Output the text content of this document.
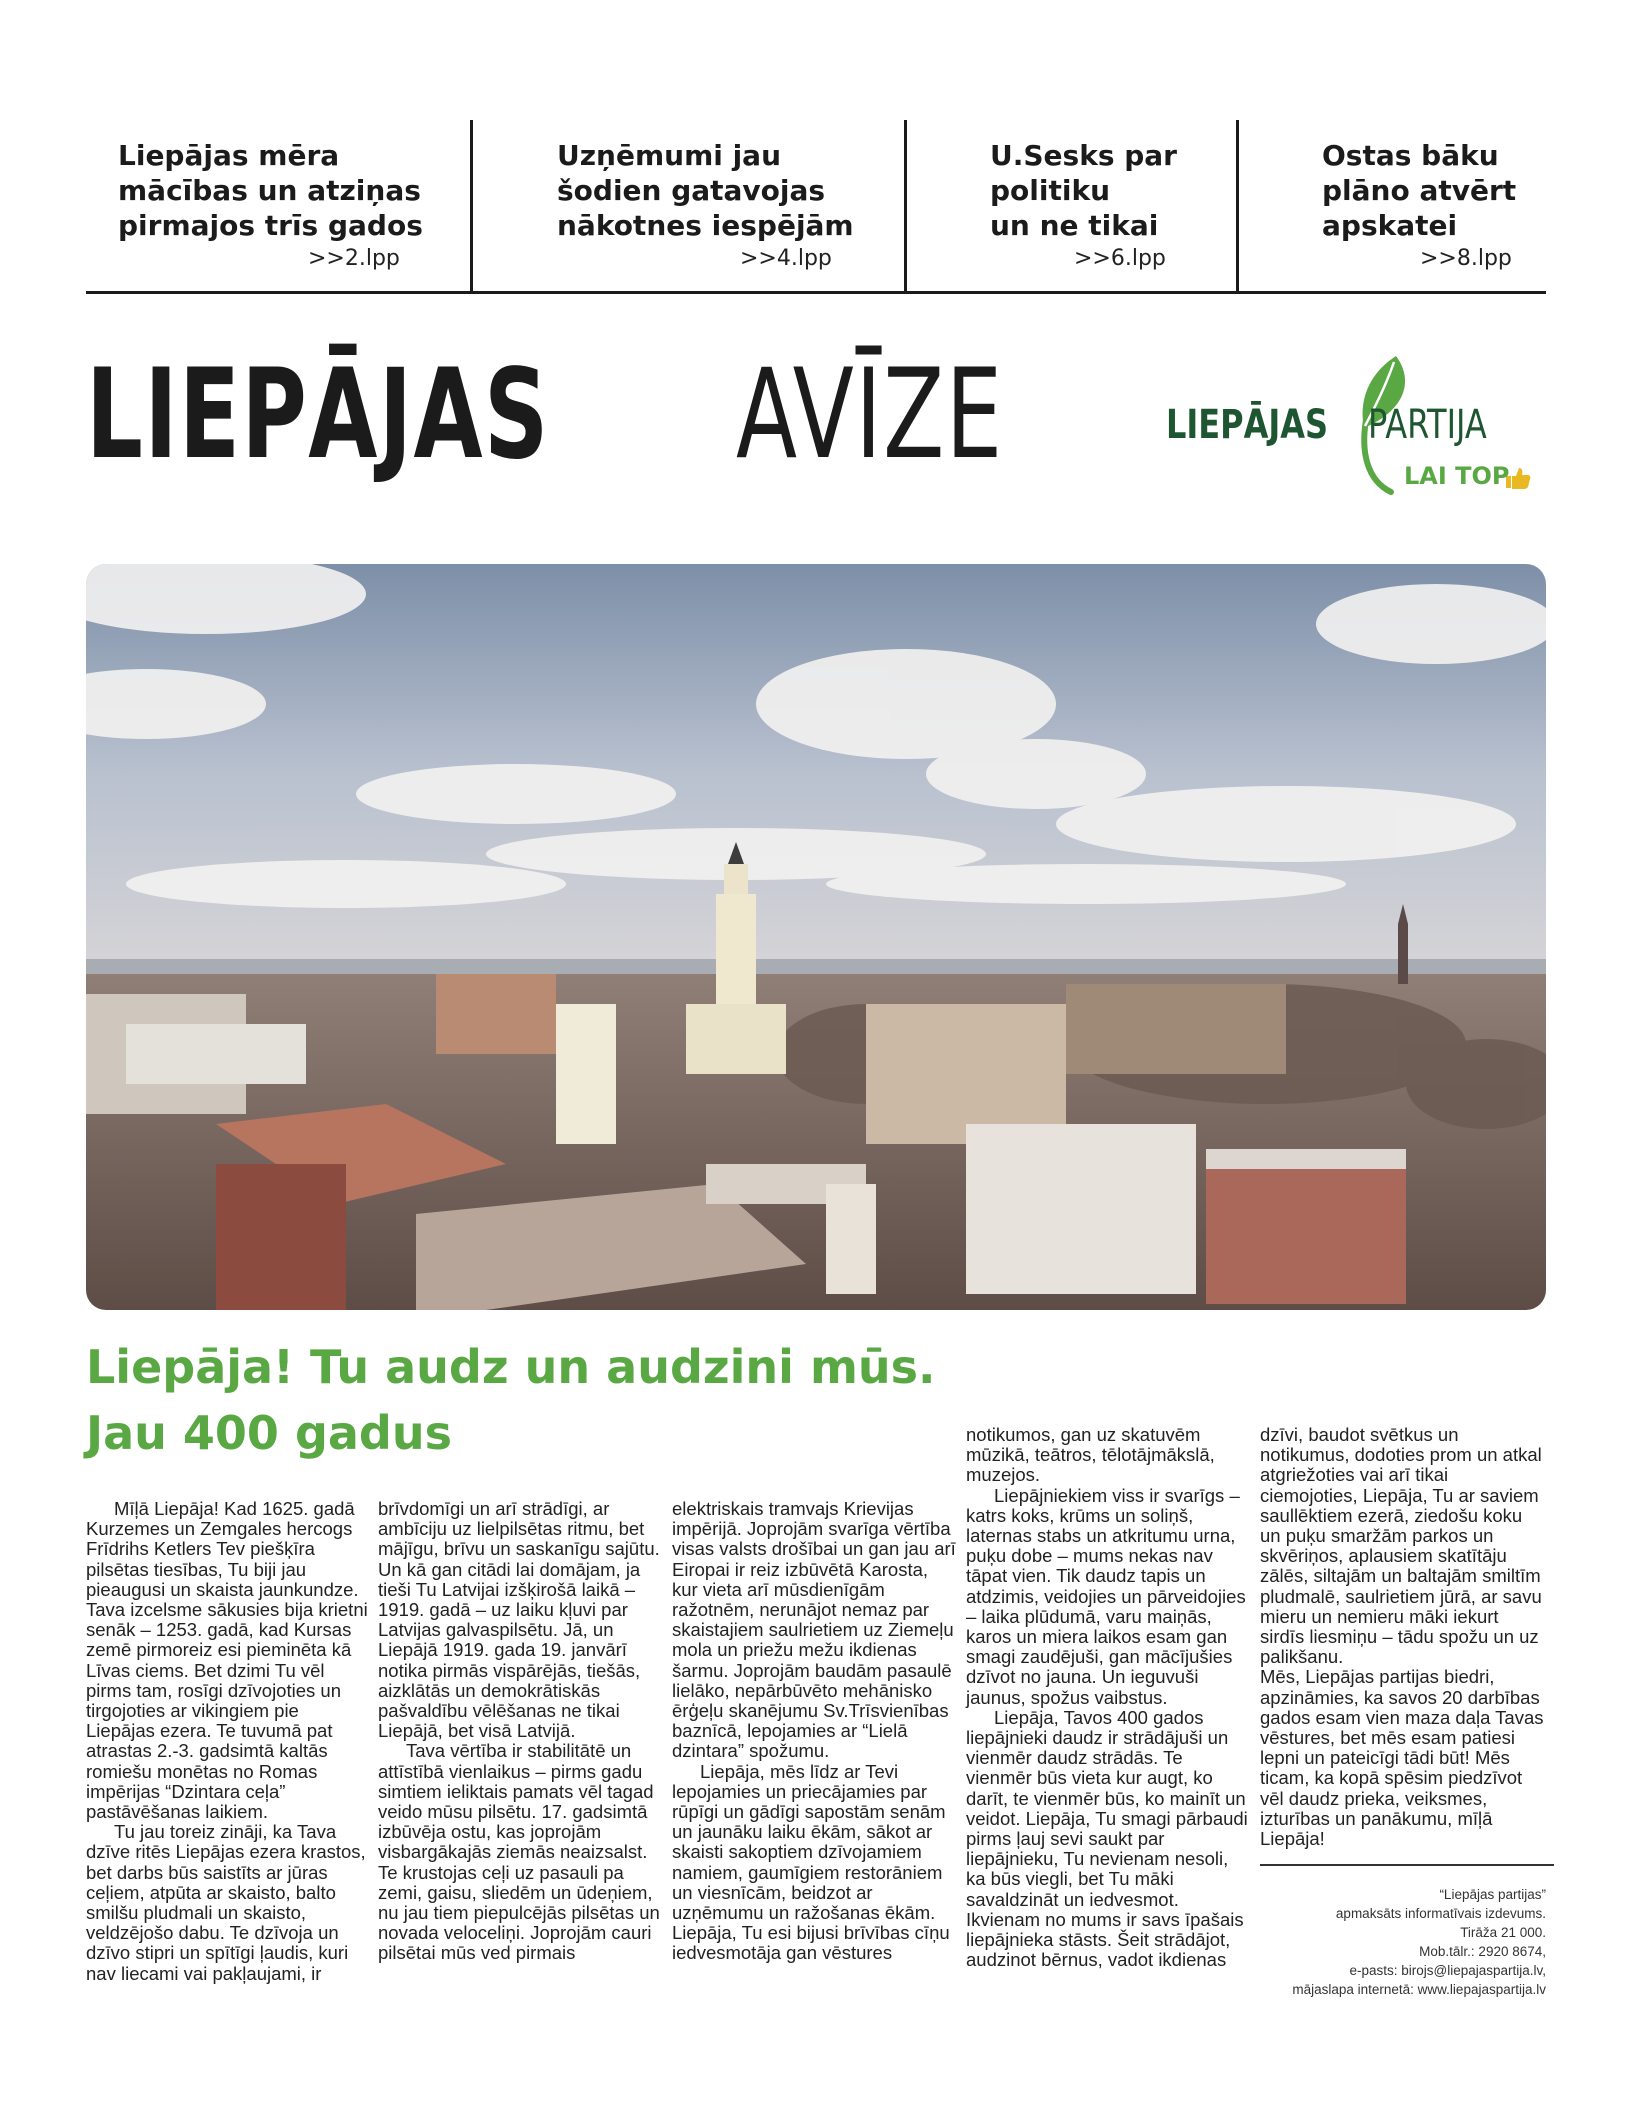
Liepājas mēra
mācības un atziņas
pirmajos trīs gados
>>2.lpp
Uzņēmumi jau
šodien gatavojas
nākotnes iespējām
>>4.lpp
U.Sesks par
politiku
un ne tikai
>>6.lpp
Ostas bāku
plāno atvērt
apskatei
>>8.lpp
LIEPĀJAS AVĪZE	LIEPĀJAS PARTIJA
LAI TOP
Liepāja! Tu audz un audzini mūs.
Jau 400 gadus

Mīļā Liepāja! Kad 1625. gadā Kurzemes un Zemgales hercogs Frīdrihs Ketlers Tev piešķīra pilsētas tiesības, Tu biji jau pieaugusi un skaista jaunkundze. Tava izcelsme sākusies bija krietni senāk – 1253. gadā, kad Kursas zemē pirmoreiz esi pieminēta kā Līvas ciems. Bet dzimi Tu vēl pirms tam, rosīgi dzīvojoties un tirgojoties ar vikingiem pie Liepājas ezera. Te tuvumā pat atrastas 2.-3. gadsimtā kaltās romiešu monētas no Romas impērijas “Dzintara ceļa” pastāvēšanas laikiem.

Tu jau toreiz zināji, ka Tava dzīve ritēs Liepājas ezera krastos, bet darbs būs saistīts ar jūras ceļiem, atpūta ar skaisto, balto smilšu pludmali un skaisto, veldzējošo dabu. Te dzīvoja un dzīvo stipri un spītīgi ļaudis, kuri nav liecami vai pakļaujami, ir

brīvdomīgi un arī strādīgi, ar ambīciju uz lielpilsētas ritmu, bet mājīgu, brīvu un saskanīgu sajūtu. Un kā gan citādi lai domājam, ja tieši Tu Latvijai izšķirošā laikā – 1919. gadā – uz laiku kļuvi par Latvijas galvaspilsētu. Jā, un Liepājā 1919. gada 19. janvārī notika pirmās vispārējās, tiešās, aizklātās un demokrātiskās pašvaldību vēlēšanas ne tikai Liepājā, bet visā Latvijā.

Tava vērtība ir stabilitātē un attīstībā vienlaikus – pirms gadu simtiem ieliktais pamats vēl tagad veido mūsu pilsētu. 17. gadsimtā izbūvēja ostu, kas joprojām visbargākajās ziemās neaizsalst. Te krustojas ceļi uz pasauli pa zemi, gaisu, sliedēm un ūdeņiem, nu jau tiem piepulcējās pilsētas un novada veloceliņi. Joprojām cauri pilsētai mūs ved pirmais

elektriskais tramvajs Krievijas impērijā. Joprojām svarīga vērtība visas valsts drošībai un gan jau arī Eiropai ir reiz izbūvētā Karosta, kur vieta arī mūsdienīgām ražotnēm, nerunājot nemaz par skaistajiem saulrietiem uz Ziemeļu mola un priežu mežu ikdienas šarmu. Joprojām baudām pasaulē lielāko, nepārbūvēto mehānisko ērģeļu skanējumu Sv.Trīsvienības baznīcā, lepojamies ar “Lielā dzintara” spožumu.

Liepāja, mēs līdz ar Tevi lepojamies un priecājamies par rūpīgi un gādīgi sapostām senām un jaunāku laiku ēkām, sākot ar skaisti sakoptiem dzīvojamiem namiem, gaumīgiem restorāniem un viesnīcām, beidzot ar uzņēmumu un ražošanas ēkām. Liepāja, Tu esi bijusi brīvības cīņu iedvesmotāja gan vēstures

notikumos, gan uz skatuvēm mūzikā, teātros, tēlotājmākslā, muzejos.

Liepājniekiem viss ir svarīgs – katrs koks, krūms un soliņš, laternas stabs un atkritumu urna, puķu dobe – mums nekas nav tāpat vien. Tik daudz tapis un atdzimis, veidojies un pārveidojies – laika plūdumā, varu maiņās, karos un miera laikos esam gan smagi zaudējuši, gan mācījušies dzīvot no jauna. Un ieguvuši jaunus, spožus vaibstus.

Liepāja, Tavos 400 gados liepājnieki daudz ir strādājuši un vienmēr daudz strādās. Te vienmēr būs vieta kur augt, ko darīt, te vienmēr būs, ko mainīt un veidot. Liepāja, Tu smagi pārbaudi pirms ļauj sevi saukt par liepājnieku, Tu nevienam nesoli, ka būs viegli, bet Tu māki savaldzināt un iedvesmot. Ikvienam no mums ir savs īpašais liepājnieka stāsts. Šeit strādājot, audzinot bērnus, vadot ikdienas

dzīvi, baudot svētkus un notikumus, dodoties prom un atkal atgriežoties vai arī tikai ciemojoties, Liepāja, Tu ar saviem saullēktiem ezerā, ziedošu koku un puķu smaržām parkos un skvēriņos, aplausiem skatītāju zālēs, siltajām un baltajām smiltīm pludmalē, saulrietiem jūrā, ar savu mieru un nemieru māki iekurt sirdīs liesmiņu – tādu spožu un uz palikšanu.

Mēs, Liepājas partijas biedri, apzināmies, ka savos 20 darbības gados esam vien maza daļa Tavas vēstures, bet mēs esam patiesi lepni un pateicīgi tādi būt! Mēs ticam, ka kopā spēsim piedzīvot vēl daudz prieka, veiksmes, izturības un panākumu, mīļā Liepāja!

“Liepājas partijas”
apmaksāts informatīvais izdevums.
Tirāža 21 000.
Mob.tālr.: 2920 8674,
e-pasts: birojs@liepajaspartija.lv,
mājaslapa internetā: www.liepajaspartija.lv
